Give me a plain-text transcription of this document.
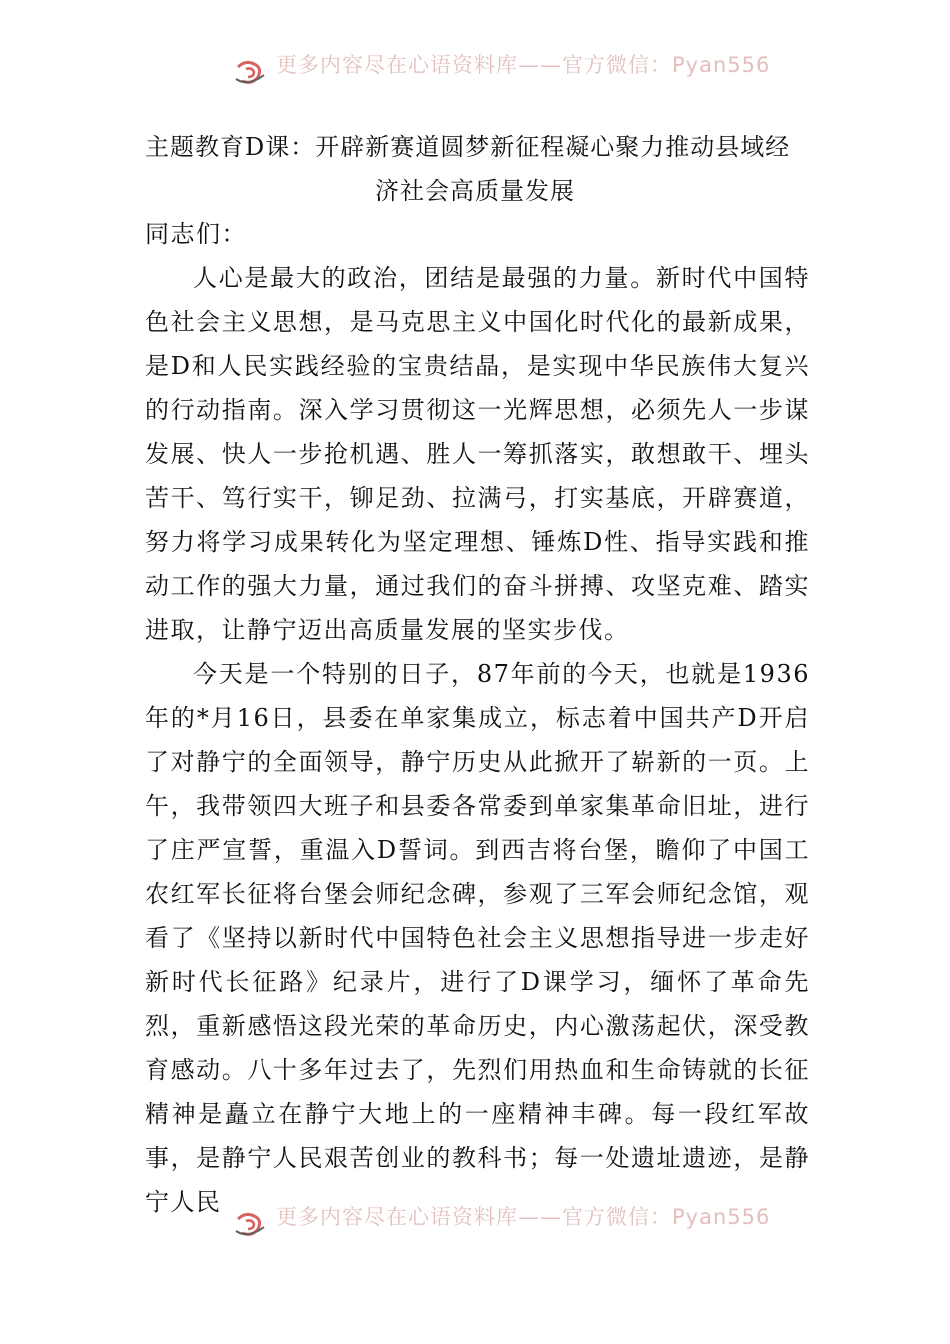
更多内容尽在心语资料库——官方微信：Pyan556
主题教育D课：开辟新赛道圆梦新征程凝心聚力推动县域经
济社会高质量发展

同志们：

人心是最大的政治，团结是最强的力量。新时代中国特色社会主义思想，是马克思主义中国化时代化的最新成果，是D和人民实践经验的宝贵结晶，是实现中华民族伟大复兴的行动指南。深入学习贯彻这一光辉思想，必须先人一步谋发展、快人一步抢机遇、胜人一筹抓落实，敢想敢干、埋头苦干、笃行实干，铆足劲、拉满弓，打实基底，开辟赛道，努力将学习成果转化为坚定理想、锤炼D性、指导实践和推动工作的强大力量，通过我们的奋斗拼搏、攻坚克难、踏实进取，让静宁迈出高质量发展的坚实步伐。

今天是一个特别的日子，87年前的今天，也就是1936年的*月16日，县委在单家集成立，标志着中国共产D开启了对静宁的全面领导，静宁历史从此掀开了崭新的一页。上午，我带领四大班子和县委各常委到单家集革命旧址，进行了庄严宣誓，重温入D誓词。到西吉将台堡，瞻仰了中国工农红军长征将台堡会师纪念碑，参观了三军会师纪念馆，观看了《坚持以新时代中国特色社会主义思想指导进一步走好新时代长征路》纪录片，进行了D课学习，缅怀了革命先烈，重新感悟这段光荣的革命历史，内心激荡起伏，深受教育感动。八十多年过去了，先烈们用热血和生命铸就的长征精神是矗立在静宁大地上的一座精神丰碑。每一段红军故事，是静宁人民艰苦创业的教科书；每一处遗址遗迹，是静宁人民

更多内容尽在心语资料库——官方微信：Pyan556
